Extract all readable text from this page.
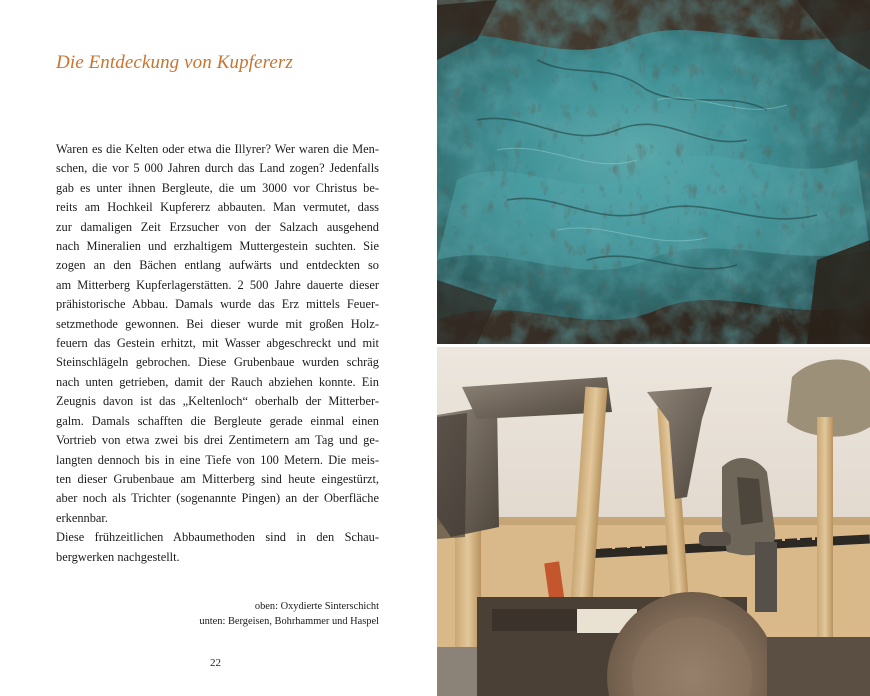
Die Entdeckung von Kupfererz

Waren es die Kelten oder etwa die Illyrer? Wer waren die Men-

schen, die vor 5 000 Jahren durch das Land zogen? Jedenfalls

gab es unter ihnen Bergleute, die um 3000 vor Christus be-

reits am Hochkeil Kupfererz abbauten. Man vermutet, dass

zur damaligen Zeit Erzsucher von der Salzach ausgehend

nach Mineralien und erzhaltigem Muttergestein suchten. Sie

zogen an den Bächen entlang aufwärts und entdeckten so

am Mitterberg Kupferlagerstätten. 2 500 Jahre dauerte dieser

prähistorische Abbau. Damals wurde das Erz mittels Feuer-

setzmethode gewonnen. Bei dieser wurde mit großen Holz-

feuern das Gestein erhitzt, mit Wasser abgeschreckt und mit

Steinschlägeln gebrochen. Diese Grubenbaue wurden schräg

nach unten getrieben, damit der Rauch abziehen konnte. Ein

Zeugnis davon ist das „Keltenloch“ oberhalb der Mitterber-

galm. Damals schafften die Bergleute gerade einmal einen

Vortrieb von etwa zwei bis drei Zentimetern am Tag und ge-

langten dennoch bis in eine Tiefe von 100 Metern. Die meis-

ten dieser Grubenbaue am Mitterberg sind heute eingestürzt,

aber noch als Trichter (sogenannte Pingen) an der Oberfläche

erkennbar.

Diese frühzeitlichen Abbaumethoden sind in den Schau-

bergwerken nachgestellt.

oben: Oxydierte Sinterschicht
unten: Bergeisen, Bohrhammer und Haspel
22
